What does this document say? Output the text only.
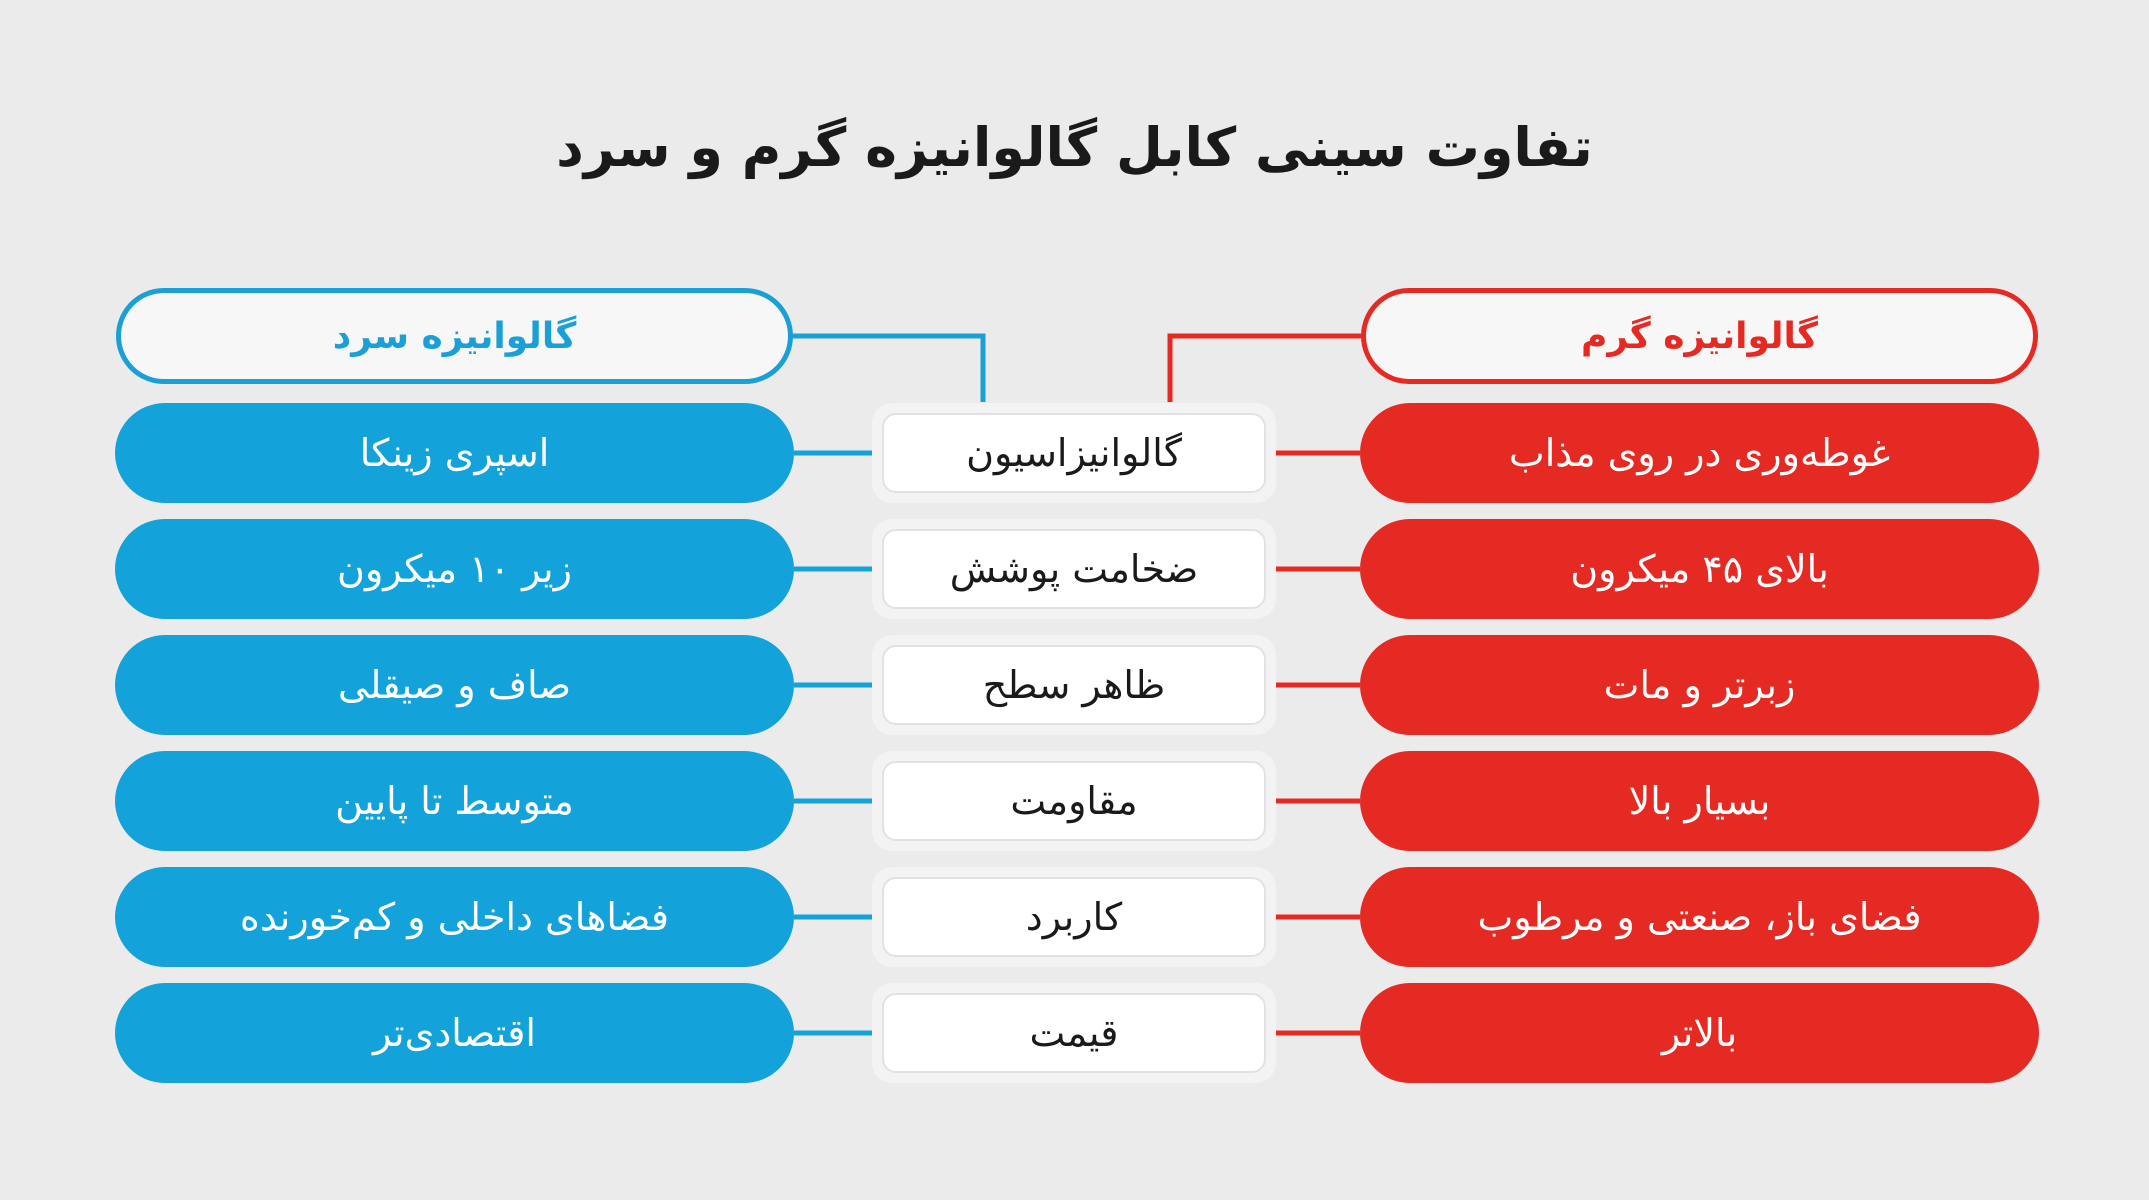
تفاوت سینی کابل گالوانیزه گرم و سرد
گالوانیزه گرم
گالوانیزه سرد
غوطه‌وری در روی مذاب
بالای ۴۵ میکرون
زبرتر و مات
بسیار بالا
فضای باز، صنعتی و مرطوب
بالاتر
گالوانیزاسیون
ضخامت پوشش
ظاهر سطح
مقاومت
کاربرد
قیمت
اسپری زینکا
زیر ۱۰ میکرون
صاف و صیقلی
متوسط تا پایین
فضاهای داخلی و کم‌خورنده
اقتصادی‌تر
